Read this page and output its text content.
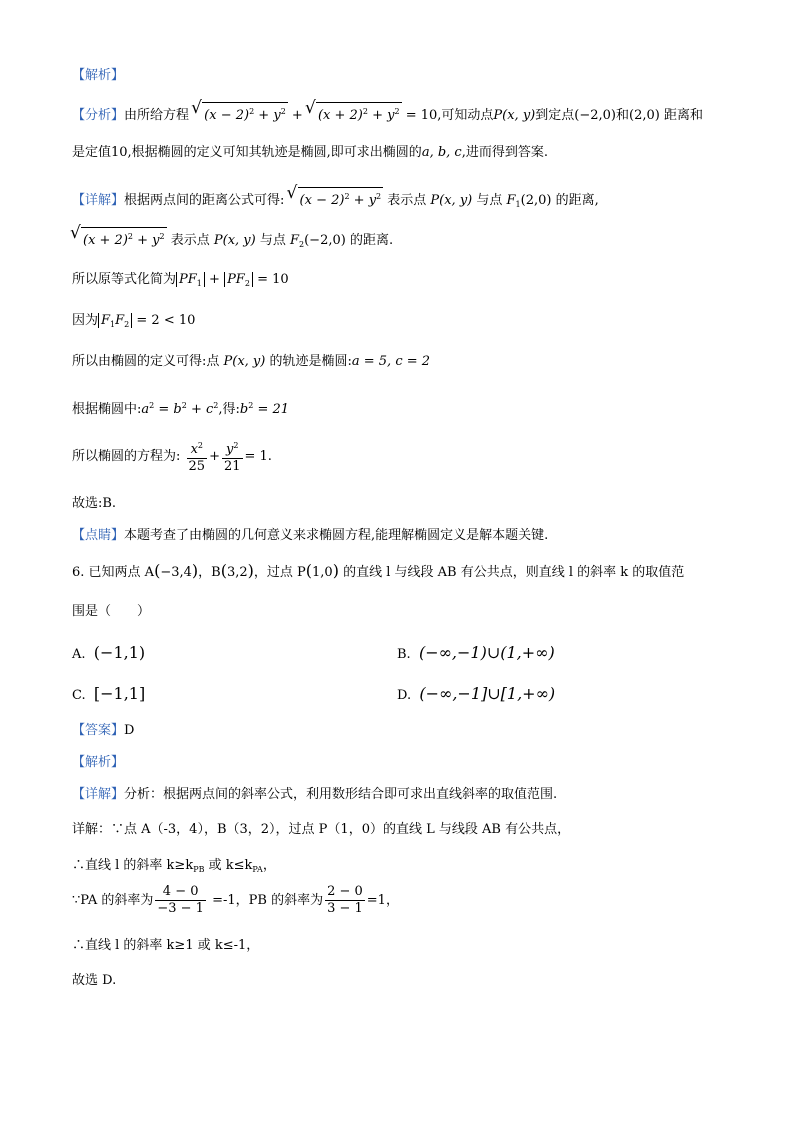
【解析】
【分析】由所给方程 √ $(x - 2)^2 + y^2$ + √ $(x + 2)^2 + y^2 = 10$,可知动点P(x, y)到定点(−2,0)和(2,0) 距离和
是定值10,根据椭圆的定义可知其轨迹是椭圆,即可求出椭圆的a, b, c,进而得到答案.
【详解】根据两点间的距离公式可得: √ $(x - 2)^2 + y^2$ 表示点 P(x, y) 与点 $F_1(2,0)$ 的距离,
√ $(x + 2)^2 + y^2$ 表示点 P(x, y) 与点 $F_2(-2,0)$ 的距离.
所以原等式化简为 $PF_1 + PF_2 = 10$
因为 $F_1F_2 = 2 < 10$
所以由椭圆的定义可得:点 P(x, y) 的轨迹是椭圆:a = 5, c = 2
根据椭圆中$:a^2 = b^2 + c^2$,得$:b^2 = 21$
所以椭圆的方程为: $\frac{x^2}{25} + \frac{y^2}{21} = 1$.
故选:B.
【点睛】本题考查了由椭圆的几何意义来求椭圆方程,能理解椭圆定义是解本题关键.
6. 已知两点 A(−3,4)，B(3,2)，过点 P(1,0) 的直线 l 与线段 AB 有公共点，则直线 l 的斜率 k 的取值范
围是（　　）
A. (−1,1)	B. (−∞,−1)∪(1,+∞)
C. [−1,1]	D. (−∞,−1]∪[1,+∞)
【答案】D
【解析】
【详解】分析：根据两点间的斜率公式，利用数形结合即可求出直线斜率的取值范围.
详解：∵点 A（-3，4），B（3，2），过点 P（1，0）的直线 L 与线段 AB 有公共点，
∴直线 l 的斜率 $k\ge k_{PB}$ 或 $k\le k_{PA}$，
∵PA 的斜率为 $\frac{4 - 0}{-3 - 1} =-1$，PB 的斜率为 $\frac{2 - 0}{3 - 1} =1$，
∴直线 l 的斜率 k≥1 或 k≤-1，
故选 D.
